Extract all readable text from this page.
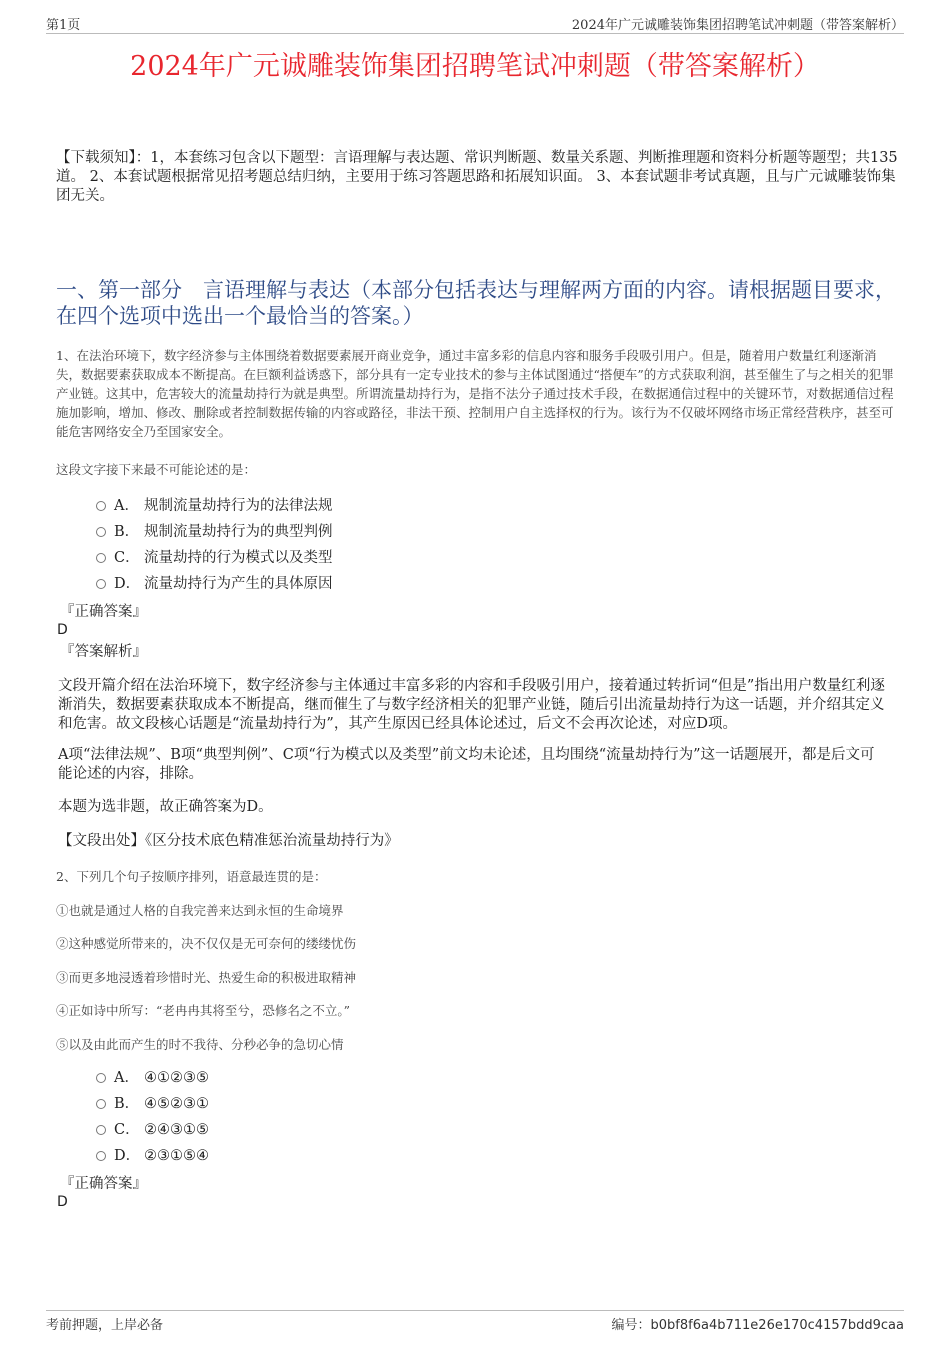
第1页	2024年广元诚雕装饰集团招聘笔试冲刺题（带答案解析）
2024年广元诚雕装饰集团招聘笔试冲刺题（带答案解析）
【下载须知】：1，本套练习包含以下题型：言语理解与表达题、常识判断题、数量关系题、判断推理题和资料分析题等题型；共135道。 2、本套试题根据常见招考题总结归纳，主要用于练习答题思路和拓展知识面。 3、本套试题非考试真题，且与广元诚雕装饰集团无关。
一、第一部分　言语理解与表达（本部分包括表达与理解两方面的内容。请根据题目要求，在四个选项中选出一个最恰当的答案。）
1、在法治环境下，数字经济参与主体围绕着数据要素展开商业竞争，通过丰富多彩的信息内容和服务手段吸引用户。但是，随着用户数量红利逐渐消失，数据要素获取成本不断提高。在巨额利益诱惑下，部分具有一定专业技术的参与主体试图通过“搭便车”的方式获取利润，甚至催生了与之相关的犯罪产业链。这其中，危害较大的流量劫持行为就是典型。所谓流量劫持行为，是指不法分子通过技术手段，在数据通信过程中的关键环节，对数据通信过程施加影响，增加、修改、删除或者控制数据传输的内容或路径，非法干预、控制用户自主选择权的行为。该行为不仅破坏网络市场正常经营秩序，甚至可能危害网络安全乃至国家安全。
这段文字接下来最不可能论述的是：
A． 规制流量劫持行为的法律法规
B． 规制流量劫持行为的典型判例
C． 流量劫持的行为模式以及类型
D． 流量劫持行为产生的具体原因
『正确答案』
D
『答案解析』
文段开篇介绍在法治环境下，数字经济参与主体通过丰富多彩的内容和手段吸引用户，接着通过转折词“但是”指出用户数量红利逐渐消失，数据要素获取成本不断提高，继而催生了与数字经济相关的犯罪产业链，随后引出流量劫持行为这一话题，并介绍其定义和危害。故文段核心话题是“流量劫持行为”，其产生原因已经具体论述过，后文不会再次论述，对应D项。
A项“法律法规”、B项“典型判例”、C项“行为模式以及类型”前文均未论述，且均围绕“流量劫持行为”这一话题展开，都是后文可能论述的内容，排除。
本题为选非题，故正确答案为D。
【文段出处】《区分技术底色精准惩治流量劫持行为》
2、下列几个句子按顺序排列，语意最连贯的是：
①也就是通过人格的自我完善来达到永恒的生命境界
②这种感觉所带来的，决不仅仅是无可奈何的缕缕忧伤
③而更多地浸透着珍惜时光、热爱生命的积极进取精神
④正如诗中所写：“老冉冉其将至兮，恐修名之不立。”
⑤以及由此而产生的时不我待、分秒必争的急切心情
A． ④①②③⑤
B． ④⑤②③①
C． ②④③①⑤
D． ②③①⑤④
『正确答案』
D
考前押题，上岸必备	编号：b0bf8f6a4b711e26e170c4157bdd9caa
